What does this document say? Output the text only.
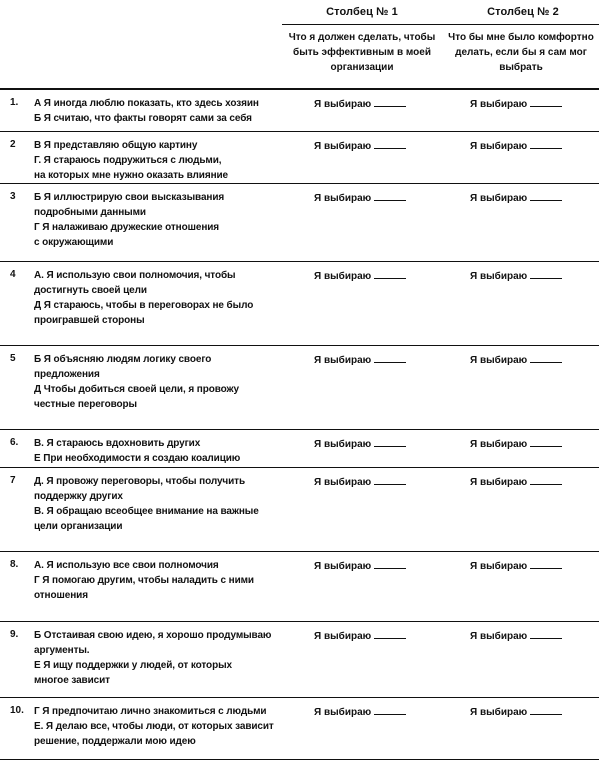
Столбец № 1	Столбец № 2
Что я должен сделать, чтобы быть эффективным в моей организации
Что бы мне было комфортно делать, если бы я сам мог выбрать
1. А Я иногда люблю показать, кто здесь хозяин
Б Я считаю, что факты говорят сами за себя
Я выбираю	Я выбираю
2 В Я представляю общую картину
Г. Я стараюсь подружиться с людьми,
на которых мне нужно оказать влияние
Я выбираю	Я выбираю
3 Б Я иллюстрирую свои высказывания
подробными данными
Г Я налаживаю дружеские отношения
с окружающими
Я выбираю	Я выбираю
4 А. Я использую свои полномочия, чтобы
достигнуть своей цели
Д Я стараюсь, чтобы в переговорах не было
проигравшей стороны
Я выбираю	Я выбираю
5 Б Я объясняю людям логику своего
предложения
Д Чтобы добиться своей цели, я провожу
честные переговоры
Я выбираю	Я выбираю
6. В. Я стараюсь вдохновить других
Е При необходимости я создаю коалицию
Я выбираю	Я выбираю
7 Д. Я провожу переговоры, чтобы получить
поддержку других
В. Я обращаю всеобщее внимание на важные
цели организации
Я выбираю	Я выбираю
8. А. Я использую все свои полномочия
Г Я помогаю другим, чтобы наладить с ними
отношения
Я выбираю	Я выбираю
9. Б Отстаивая свою идею, я хорошо продумываю
аргументы.
Е Я ищу поддержки у людей, от которых
многое зависит
Я выбираю	Я выбираю
10. Г Я предпочитаю лично знакомиться с людьми
Е. Я делаю все, чтобы люди, от которых зависит
решение, поддержали мою идею
Я выбираю	Я выбираю
